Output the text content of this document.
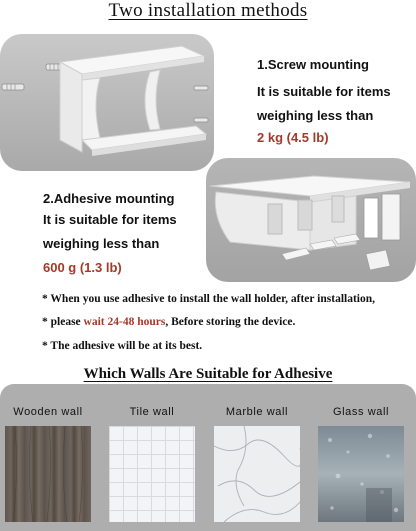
Two installation methods
1.Screw mounting
It is suitable for items
weighing less than
2 kg (4.5 lb)
2.Adhesive mounting
It is suitable for items
weighing less than
600 g (1.3 lb)
* When you use adhesive to install the wall holder, after installation,
* please wait 24-48 hours, Before storing the device.
* The adhesive will be at its best.
Which Walls Are Suitable for Adhesive
Wooden wall	Tile wall	Marble wall	Glass wall
